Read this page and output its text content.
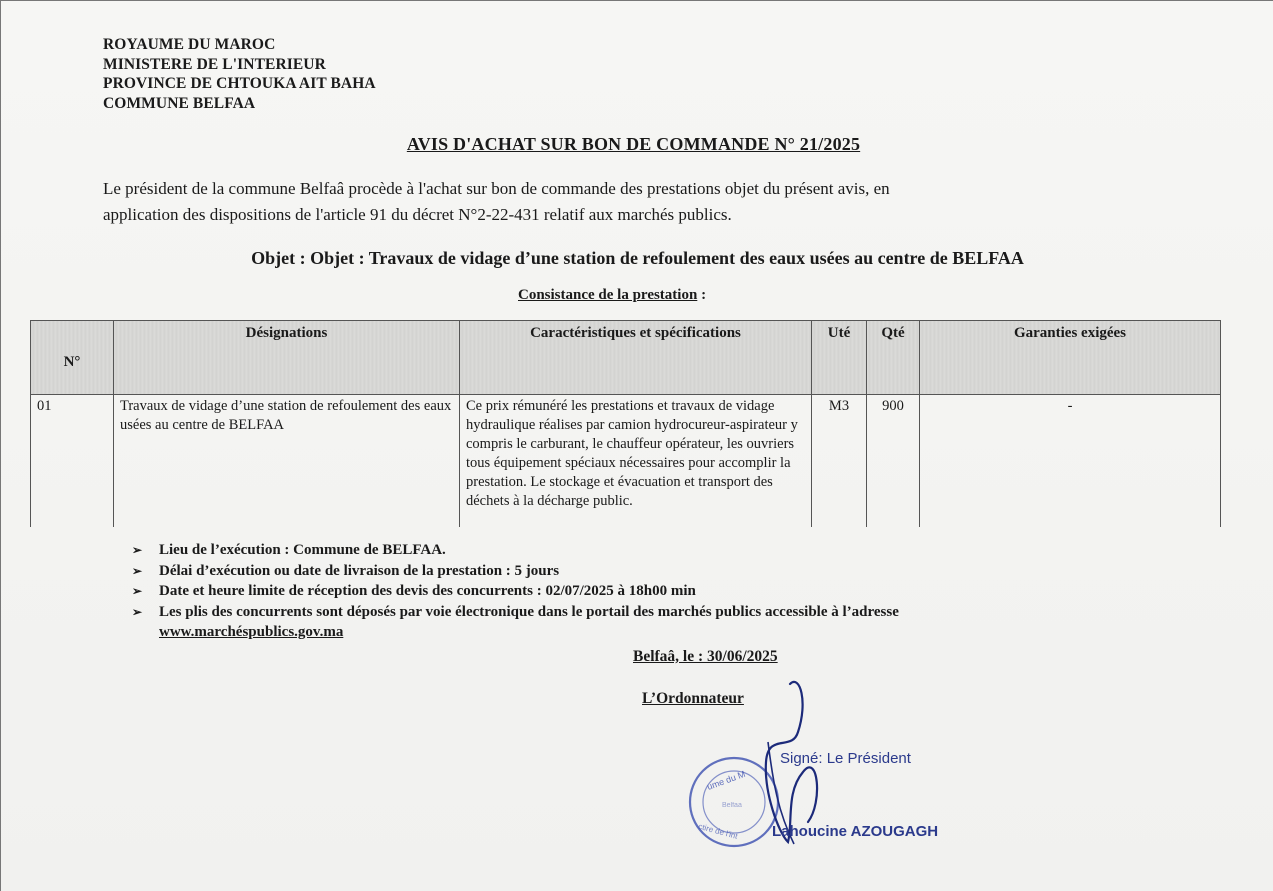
ROYAUME DU MAROC
MINISTERE DE L'INTERIEUR
PROVINCE DE CHTOUKA AIT BAHA
COMMUNE BELFAA
AVIS D'ACHAT SUR BON DE COMMANDE N° 21/2025
Le président de la commune Belfaâ procède à l'achat sur bon de commande des prestations objet du présent avis, en
application des dispositions de l'article 91 du décret N°2-22-431 relatif aux marchés publics.
Objet : Objet : Travaux de vidage d’une station de refoulement des eaux usées au centre de BELFAA
Consistance de la prestation :
N°	Désignations	Caractéristiques et spécifications	Uté	Qté	Garanties exigées
01	Travaux de vidage d’une station de refoulement des eaux usées au centre de BELFAA	Ce prix rémunéré les prestations et travaux de vidage hydraulique réalises par camion hydrocureur-aspirateur y compris le carburant, le chauffeur opérateur, les ouvriers tous équipement spéciaux nécessaires pour accomplir la prestation. Le stockage et évacuation et transport des déchets à la décharge public.	M3	900	-
➢	Lieu de l’exécution : Commune de BELFAA.
➢	Délai d’exécution ou date de livraison de la prestation : 5 jours
➢	Date et heure limite de réception des devis des concurrents : 02/07/2025 à 18h00 min
➢	Les plis des concurrents sont déposés par voie électronique dans le portail des marchés publics accessible à l’adresse
www.marchéspublics.gov.ma
Belfaâ, le : 30/06/2025
L’Ordonnateur
ume du M
ctire de l'int
Belfaa
Signé: Le Président
Lahoucine AZOUGAGH
